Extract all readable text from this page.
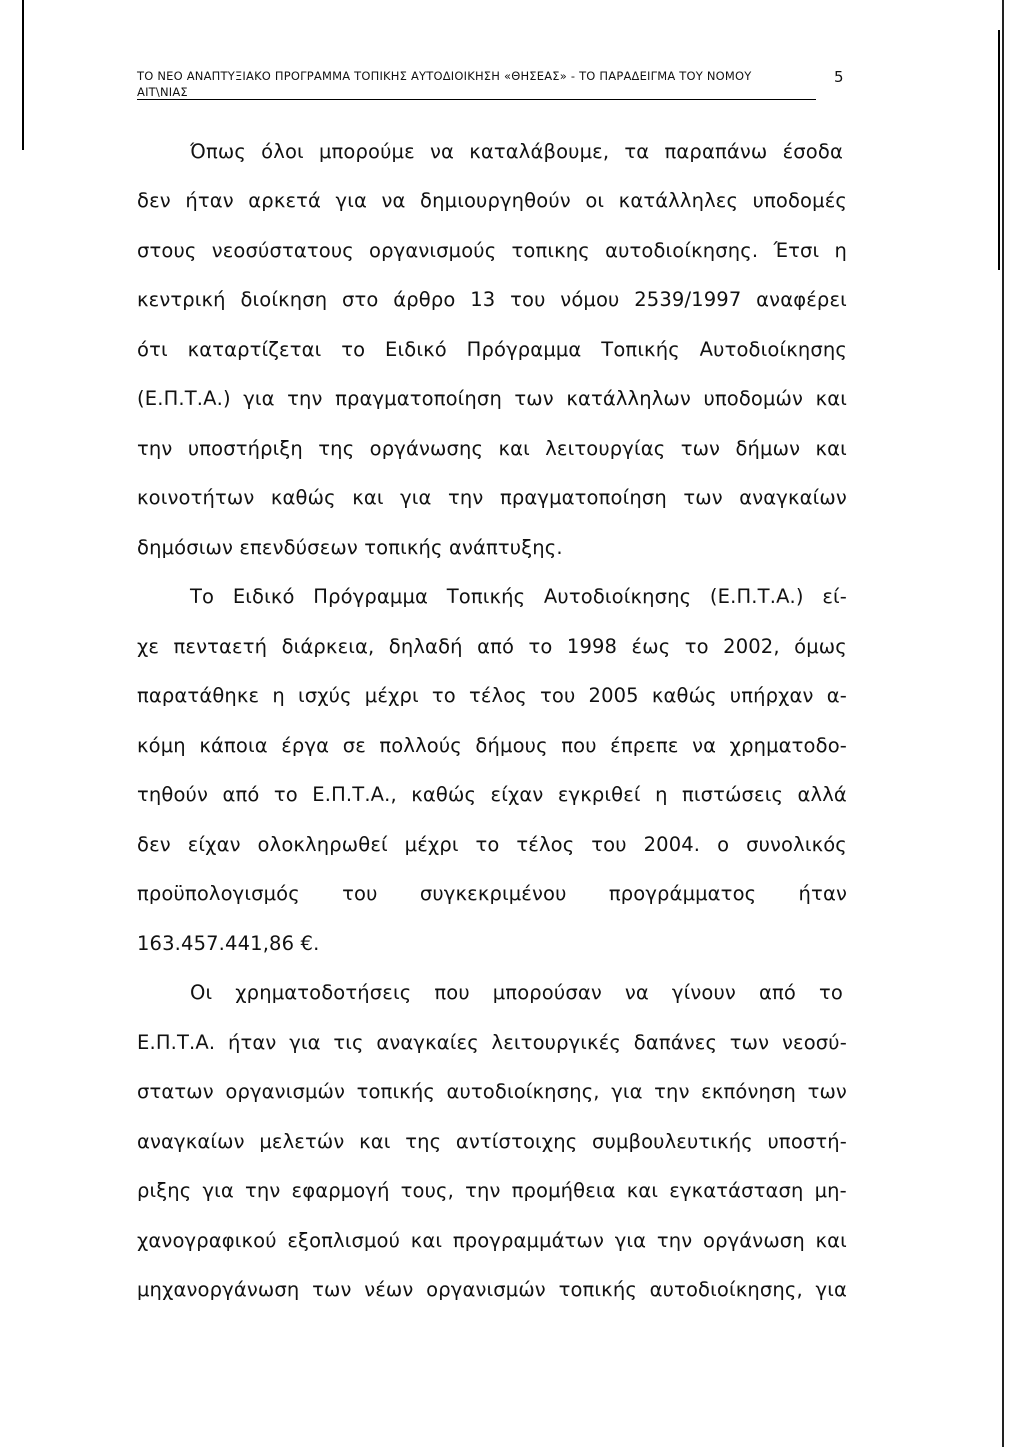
ΤΟ ΝΕΟ ΑΝΑΠΤΥΞΙΑΚΟ ΠΡΟΓΡΑΜΜΑ ΤΟΠΙΚΗΣ ΑΥΤΟΔΙΟΙΚΗΣΗ «ΘΗΣΕΑΣ» - ΤΟ ΠΑΡΑΔΕΙΓΜΑ ΤΟΥ ΝΟΜΟΥ
ΑΙΤ\ΝΙΑΣ
5
Όπως όλοι μπορούμε να καταλάβουμε, τα παραπάνω έσοδα
δεν ήταν αρκετά για να δημιουργηθούν οι κατάλληλες υποδομές
στους νεοσύστατους οργανισμούς τοπικης αυτοδιοίκησης. Έτσι η
κεντρική διοίκηση στο άρθρο 13 του νόμου 2539/1997 αναφέρει
ότι καταρτίζεται το Ειδικό Πρόγραμμα Τοπικής Αυτοδιοίκησης
(Ε.Π.Τ.Α.) για την πραγματοποίηση των κατάλληλων υποδομών και
την υποστήριξη της οργάνωσης και λειτουργίας των δήμων και
κοινοτήτων καθώς και για την πραγματοποίηση των αναγκαίων
δημόσιων επενδύσεων τοπικής ανάπτυξης.
Το Ειδικό Πρόγραμμα Τοπικής Αυτοδιοίκησης (Ε.Π.Τ.Α.) εί-
χε πενταετή διάρκεια, δηλαδή από το 1998 έως το 2002, όμως
παρατάθηκε η ισχύς μέχρι το τέλος του 2005 καθώς υπήρχαν α-
κόμη κάποια έργα σε πολλούς δήμους που έπρεπε να χρηματοδο-
τηθούν από το Ε.Π.Τ.Α., καθώς είχαν εγκριθεί η πιστώσεις αλλά
δεν είχαν ολοκληρωθεί μέχρι το τέλος του 2004. ο συνολικός
προϋπολογισμός του συγκεκριμένου προγράμματος ήταν
163.457.441,86 €.
Οι χρηματοδοτήσεις που μπορούσαν να γίνουν από το
Ε.Π.Τ.Α. ήταν για τις αναγκαίες λειτουργικές δαπάνες των νεοσύ-
στατων οργανισμών τοπικής αυτοδιοίκησης, για την εκπόνηση των
αναγκαίων μελετών και της αντίστοιχης συμβουλευτικής υποστή-
ριξης για την εφαρμογή τους, την προμήθεια και εγκατάσταση μη-
χανογραφικού εξοπλισμού και προγραμμάτων για την οργάνωση και
μηχανοργάνωση των νέων οργανισμών τοπικής αυτοδιοίκησης, για
